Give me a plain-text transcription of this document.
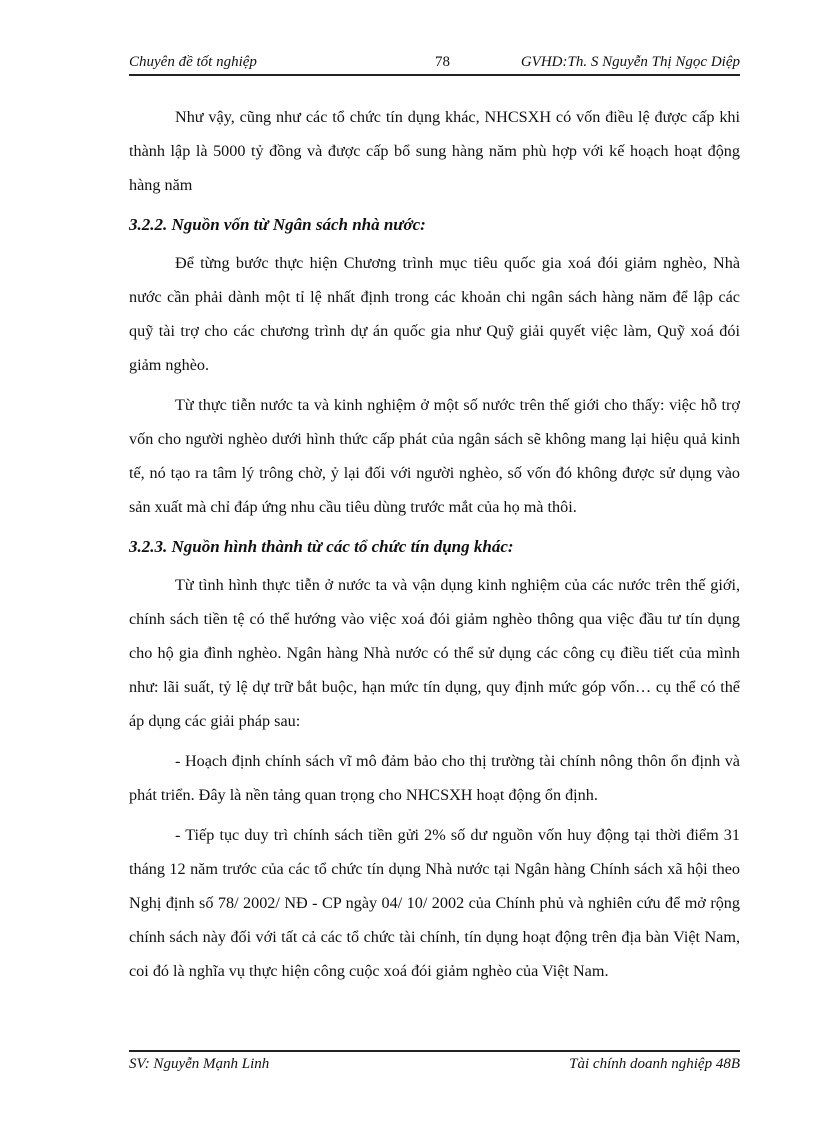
Chuyên đề tốt nghiệp	78	GVHD:Th. S Nguyễn Thị Ngọc Diệp

Như vậy, cũng như các tổ chức tín dụng khác, NHCSXH có vốn điều lệ được cấp khi thành lập là 5000 tỷ đồng và được cấp bổ sung hàng năm phù hợp với kế hoạch hoạt động hàng năm

3.2.2. Nguồn vốn từ Ngân sách nhà nước:

Để từng bước thực hiện Chương trình mục tiêu quốc gia xoá đói giảm nghèo, Nhà nước cần phải dành một tỉ lệ nhất định trong các khoản chi ngân sách hàng năm để lập các quỹ tài trợ cho các chương trình dự án quốc gia như Quỹ giải quyết việc làm, Quỹ xoá đói giảm nghèo.

Từ thực tiễn nước ta và kinh nghiệm ở một số nước trên thế giới cho thấy: việc hỗ trợ vốn cho người nghèo dưới hình thức cấp phát của ngân sách sẽ không mang lại hiệu quả kinh tế, nó tạo ra tâm lý trông chờ, ỷ lại đối với người nghèo, số vốn đó không được sử dụng vào sản xuất mà chỉ đáp ứng nhu cầu tiêu dùng trước mắt của họ mà thôi.

3.2.3. Nguồn hình thành từ các tổ chức tín dụng khác:

Từ tình hình thực tiễn ở nước ta và vận dụng kinh nghiệm của các nước trên thế giới, chính sách tiền tệ có thể hướng vào việc xoá đói giảm nghèo thông qua việc đầu tư tín dụng cho hộ gia đình nghèo. Ngân hàng Nhà nước có thể sử dụng các công cụ điều tiết của mình như: lãi suất, tỷ lệ dự trữ bắt buộc, hạn mức tín dụng, quy định mức góp vốn… cụ thể có thể áp dụng các giải pháp sau:

- Hoạch định chính sách vĩ mô đảm bảo cho thị trường tài chính nông thôn ổn định và phát triển. Đây là nền tảng quan trọng cho NHCSXH hoạt động ổn định.

- Tiếp tục duy trì chính sách tiền gửi 2% số dư nguồn vốn huy động tại thời điểm 31 tháng 12 năm trước của các tổ chức tín dụng Nhà nước tại Ngân hàng Chính sách xã hội theo Nghị định số 78/ 2002/ NĐ - CP ngày 04/ 10/ 2002 của Chính phủ và nghiên cứu để mở rộng chính sách này đối với tất cả các tổ chức tài chính, tín dụng hoạt động trên địa bàn Việt Nam, coi đó là nghĩa vụ thực hiện công cuộc xoá đói giảm nghèo của Việt Nam.

SV: Nguyễn Mạnh Linh	Tài chính doanh nghiệp 48B
